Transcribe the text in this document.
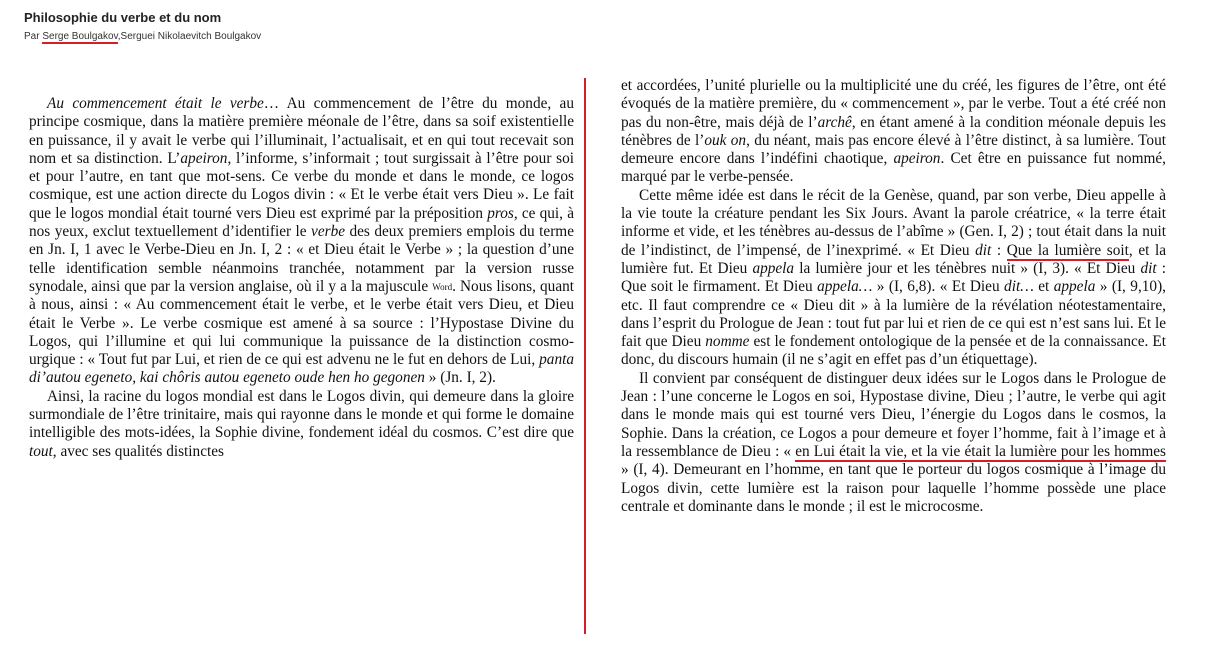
Philosophie du verbe et du nom
Par Serge Boulgakov,Serguei Nikolaevitch Boulgakov

Au commencement était le verbe… Au commencement de l’être du monde, au principe cosmique, dans la matière première méonale de l’être, dans sa soif existentielle en puissance, il y avait le verbe qui l’illuminait, l’actualisait, et en qui tout recevait son nom et sa distinction. L’apeiron, l’informe, s’informait ; tout surgissait à l’être pour soi et pour l’autre, en tant que mot-sens. Ce verbe du monde et dans le monde, ce logos cosmique, est une action directe du Logos divin : « Et le verbe était vers Dieu ». Le fait que le logos mondial était tourné vers Dieu est exprimé par la préposition pros, ce qui, à nos yeux, exclut textuellement d’identifier le verbe des deux premiers emplois du terme en Jn. I, 1 avec le Verbe-Dieu en Jn. I, 2 : « et Dieu était le Verbe » ; la question d’une telle identification semble néanmoins tranchée, notamment par la version russe synodale, ainsi que par la version anglaise, où il y a la majuscule $^{Word}$. Nous lisons, quant à nous, ainsi : « Au commencement était le verbe, et le verbe était vers Dieu, et Dieu était le Verbe ». Le verbe cosmique est amené à sa source : l’Hypostase Divine du Logos, qui l’illumine et qui lui communique la puissance de la distinction cosmo-urgique : « Tout fut par Lui, et rien de ce qui est advenu ne le fut en dehors de Lui, panta di’autou egeneto, kai chôris autou egeneto oude hen ho gegonen » (Jn. I, 2).

Ainsi, la racine du logos mondial est dans le Logos divin, qui demeure dans la gloire surmondiale de l’être trinitaire, mais qui rayonne dans le monde et qui forme le domaine intelligible des mots-idées, la Sophie divine, fondement idéal du cosmos. C’est dire que tout, avec ses qualités distinctes

et accordées, l’unité plurielle ou la multiplicité une du créé, les figures de l’être, ont été évoqués de la matière première, du « commencement », par le verbe. Tout a été créé non pas du non-être, mais déjà de l’archê, en étant amené à la condition méonale depuis les ténèbres de l’ouk on, du néant, mais pas encore élevé à l’être distinct, à sa lumière. Tout demeure encore dans l’indéfini chaotique, apeiron. Cet être en puissance fut nommé, marqué par le verbe-pensée.

Cette même idée est dans le récit de la Genèse, quand, par son verbe, Dieu appelle à la vie toute la créature pendant les Six Jours. Avant la parole créatrice, « la terre était informe et vide, et les ténèbres au-dessus de l’abîme » (Gen. I, 2) ; tout était dans la nuit de l’indistinct, de l’impensé, de l’inexprimé. « Et Dieu dit : Que la lumière soit, et la lumière fut. Et Dieu appela la lumière jour et les ténèbres nuit » (I, 3). « Et Dieu dit : Que soit le firmament. Et Dieu appela… » (I, 6,8). « Et Dieu dit… et appela » (I, 9,10), etc. Il faut comprendre ce « Dieu dit » à la lumière de la révélation néotestamentaire, dans l’esprit du Prologue de Jean : tout fut par lui et rien de ce qui est n’est sans lui. Et le fait que Dieu nomme est le fondement ontologique de la pensée et de la connaissance. Et donc, du discours humain (il ne s’agit en effet pas d’un étiquettage).

Il convient par conséquent de distinguer deux idées sur le Logos dans le Prologue de Jean : l’une concerne le Logos en soi, Hypostase divine, Dieu ; l’autre, le verbe qui agit dans le monde mais qui est tourné vers Dieu, l’énergie du Logos dans le cosmos, la Sophie. Dans la création, ce Logos a pour demeure et foyer l’homme, fait à l’image et à la ressemblance de Dieu : « en Lui était la vie, et la vie était la lumière pour les hommes » (I, 4). Demeurant en l’homme, en tant que le porteur du logos cosmique à l’image du Logos divin, cette lumière est la raison pour laquelle l’homme possède une place centrale et dominante dans le monde ; il est le microcosme.
